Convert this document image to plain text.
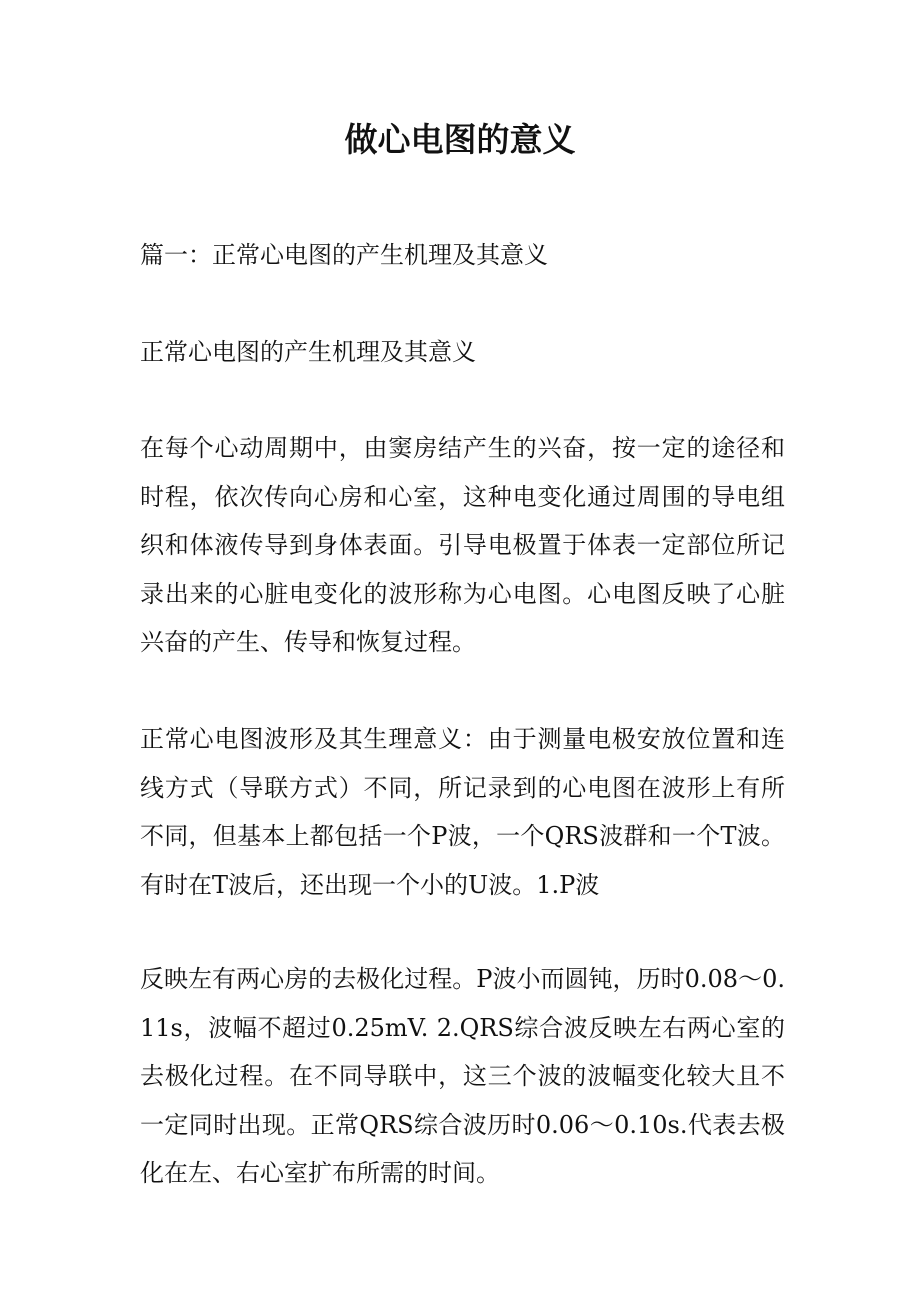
做心电图的意义

篇一：正常心电图的产生机理及其意义

正常心电图的产生机理及其意义

在每个心动周期中，由窦房结产生的兴奋，按一定的途径和时程，依次传向心房和心室，这种电变化通过周围的导电组织和体液传导到身体表面。引导电极置于体表一定部位所记录出来的心脏电变化的波形称为心电图。心电图反映了心脏兴奋的产生、传导和恢复过程。

正常心电图波形及其生理意义：由于测量电极安放位置和连线方式（导联方式）不同，所记录到的心电图在波形上有所不同，但基本上都包括一个P波，一个QRS波群和一个T波。有时在T波后，还出现一个小的U波。1.P波

反映左有两心房的去极化过程。P波小而圆钝，历时0.08～0.11s，波幅不超过0.25mV. 2.QRS综合波反映左右两心室的去极化过程。在不同导联中，这三个波的波幅变化较大且不一定同时出现。正常QRS综合波历时0.06～0.10s.代表去极化在左、右心室扩布所需的时间。
